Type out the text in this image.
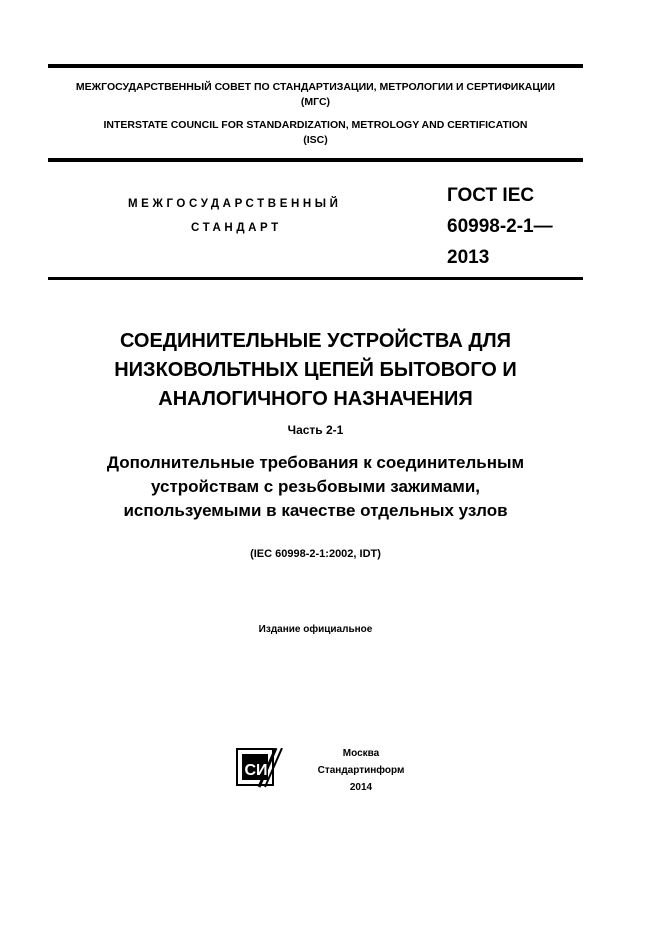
МЕЖГОСУДАРСТВЕННЫЙ СОВЕТ ПО СТАНДАРТИЗАЦИИ, МЕТРОЛОГИИ И СЕРТИФИКАЦИИ
(МГС)
INTERSTATE COUNCIL FOR STANDARDIZATION, METROLOGY AND CERTIFICATION
(ISC)
МЕЖГОСУДАРСТВЕННЫЙ
СТАНДАРТ
ГОСТ IEC
60998-2-1—
2013
СОЕДИНИТЕЛЬНЫЕ УСТРОЙСТВА ДЛЯ
НИЗКОВОЛЬТНЫХ ЦЕПЕЙ БЫТОВОГО И
АНАЛОГИЧНОГО НАЗНАЧЕНИЯ
Часть 2-1
Дополнительные требования к соединительным
устройствам с резьбовыми зажимами,
используемыми в качестве отдельных узлов
(IEC 60998-2-1:2002, IDT)
Издание официальное
СИ
Москва
Стандартинформ
2014
